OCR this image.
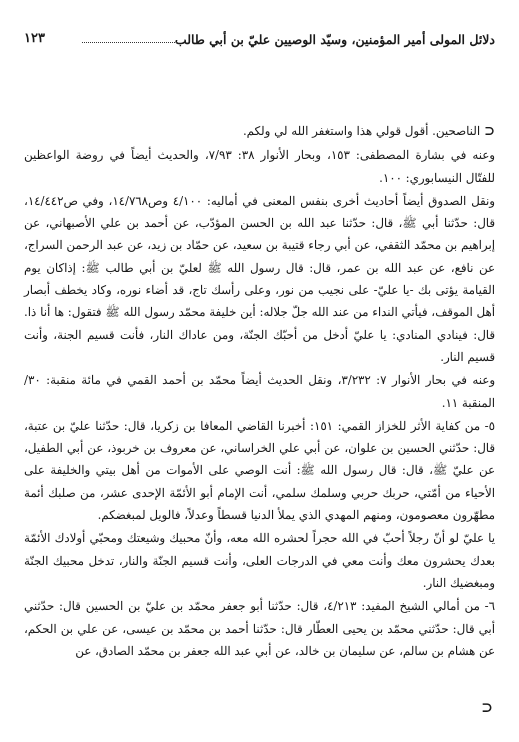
دلائل المولى أمير المؤمنين، وسيّد الوصيين عليّ بن أبي طالب
١٢٣

⊃الناصحين. أقول قولي هذا واستغفر الله لي ولكم.

وعنه في بشارة المصطفى: ١٥٣، وبحار الأنوار ٣٨: ٧/٩٣، والحديث أيضاً في روضة الواعظين للفتّال النيسابوري: ١٠٠.

ونقل الصدوق أيضاً أحاديث أخرى بنفس المعنى في أماليه: ٤/١٠٠ وص١٤/٧٦٨، وفي ص١٤/٤٤٢، قال: حدّثنا أبي ﷺ، قال: حدّثنا عبد الله بن الحسن المؤدّب، عن أحمد بن علي الأصبهاني، عن إبراهيم بن محمّد الثقفي، عن أبي رجاء قتيبة بن سعيد، عن حمّاد بن زيد، عن عبد الرحمن السراج، عن نافع، عن عبد الله بن عمر، قال: قال رسول الله ﷺ لعليّ بن أبي طالب ﷺ: إذاكان يوم القيامة يؤتى بك -يا عليّ- على نجيب من نور، وعلى رأسك تاج، قد أضاء نوره، وكاد يخطف أبصار أهل الموقف، فيأتي النداء من عند الله جلّ جلاله: أين خليفة محمّد رسول الله ﷺ فتقول: ها أنا ذا. قال: فينادي المنادي: يا عليّ أدخل من أحبّك الجنّة، ومن عاداك النار، فأنت قسيم الجنة، وأنت قسيم النار.

وعنه في بحار الأنوار ٧: ٣/٢٣٢، ونقل الحديث أيضاً محمّد بن أحمد القمي في مائة منقبة: ٣٠/ المنقبة ١١.

٥- من كفاية الأثر للخزاز القمي: ١٥١: أخبرنا القاضي المعافا بن زكريا، قال: حدّثنا عليّ بن عتبة، قال: حدّثني الحسين بن علوان، عن أبي علي الخراساني، عن معروف بن خربوذ، عن أبي الطفيل، عن عليّ ﷺ، قال: قال رسول الله ﷺ: أنت الوصي على الأموات من أهل بيتي والخليفة على الأحياء من أمّتي، حربك حربي وسلمك سلمي، أنت الإمام أبو الأئمّة الإحدى عشر، من صلبك أئمة مطهّرون معصومون، ومنهم المهدي الذي يملأ الدنيا قسطاً وعدلاً، فالويل لمبغضكم.

يا عليّ لو أنّ رجلاً أحبّ في الله حجراً لحشره الله معه، وأنّ محبيك وشيعتك ومحبّي أولادك الأئمّة بعدك يحشرون معك وأنت معي في الدرجات العلى، وأنت قسيم الجنّة والنار، تدخل محبيك الجنّة ومبغضيك النار.

٦- من أمالي الشيخ المفيد: ٤/٢١٣، قال: حدّثنا أبو جعفر محمّد بن عليّ بن الحسين قال: حدّثني أبي قال: حدّثني محمّد بن يحيى العطّار قال: حدّثنا أحمد بن محمّد بن عيسى، عن علي بن الحكم، عن هشام بن سالم، عن سليمان بن خالد، عن أبي عبد الله جعفر بن محمّد الصادق، عن

⊂
